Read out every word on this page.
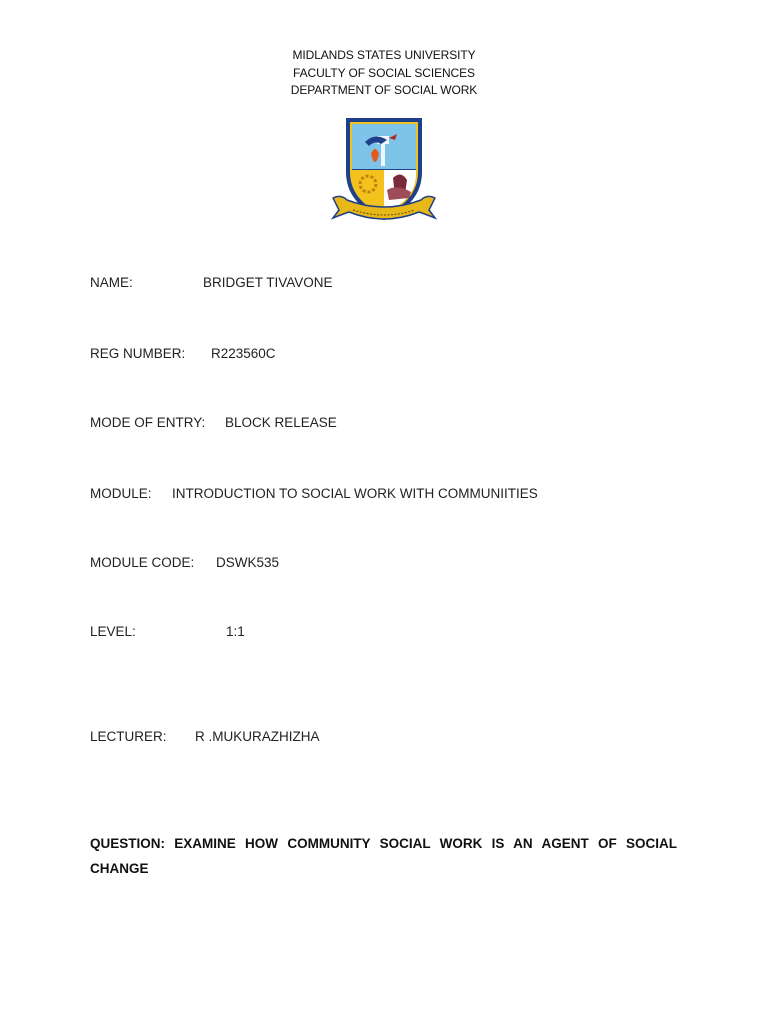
MIDLANDS STATES UNIVERSITY
FACULTY OF SOCIAL SCIENCES
DEPARTMENT OF SOCIAL WORK
NAME:	BRIDGET TIVAVONE
REG NUMBER: R223560C
MODE OF ENTRY: BLOCK RELEASE
MODULE: INTRODUCTION TO SOCIAL WORK WITH COMMUNIITIES
MODULE CODE: DSWK535
LEVEL:	1:1
LECTURER: R .MUKURAZHIZHA
QUESTION: EXAMINE HOW COMMUNITY SOCIAL WORK IS AN AGENT OF SOCIAL CHANGE
